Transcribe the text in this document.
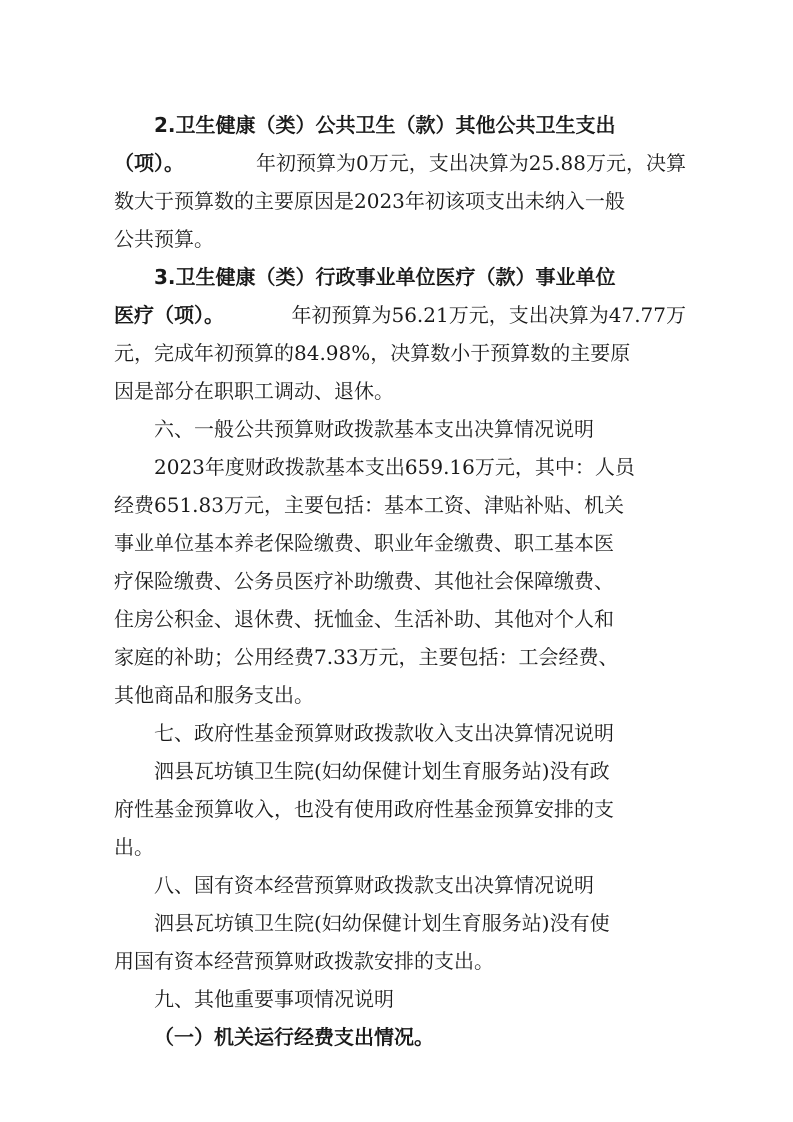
2.卫生健康（类）公共卫生（款）其他公共卫生支出
（项）。	年初预算为0万元，支出决算为25.88万元，决算
数大于预算数的主要原因是2023年初该项支出未纳入一般
公共预算。
3.卫生健康（类）行政事业单位医疗（款）事业单位
医疗（项）。	年初预算为56.21万元，支出决算为47.77万
元，完成年初预算的84.98%，决算数小于预算数的主要原
因是部分在职职工调动、退休。
六、一般公共预算财政拨款基本支出决算情况说明
2023年度财政拨款基本支出659.16万元，其中：人员
经费651.83万元，主要包括：基本工资、津贴补贴、机关
事业单位基本养老保险缴费、职业年金缴费、职工基本医
疗保险缴费、公务员医疗补助缴费、其他社会保障缴费、
住房公积金、退休费、抚恤金、生活补助、其他对个人和
家庭的补助；公用经费7.33万元，主要包括：工会经费、
其他商品和服务支出。
七、政府性基金预算财政拨款收入支出决算情况说明
泗县瓦坊镇卫生院(妇幼保健计划生育服务站)没有政
府性基金预算收入，也没有使用政府性基金预算安排的支
出。
八、国有资本经营预算财政拨款支出决算情况说明
泗县瓦坊镇卫生院(妇幼保健计划生育服务站)没有使
用国有资本经营预算财政拨款安排的支出。
九、其他重要事项情况说明
（一）机关运行经费支出情况。
